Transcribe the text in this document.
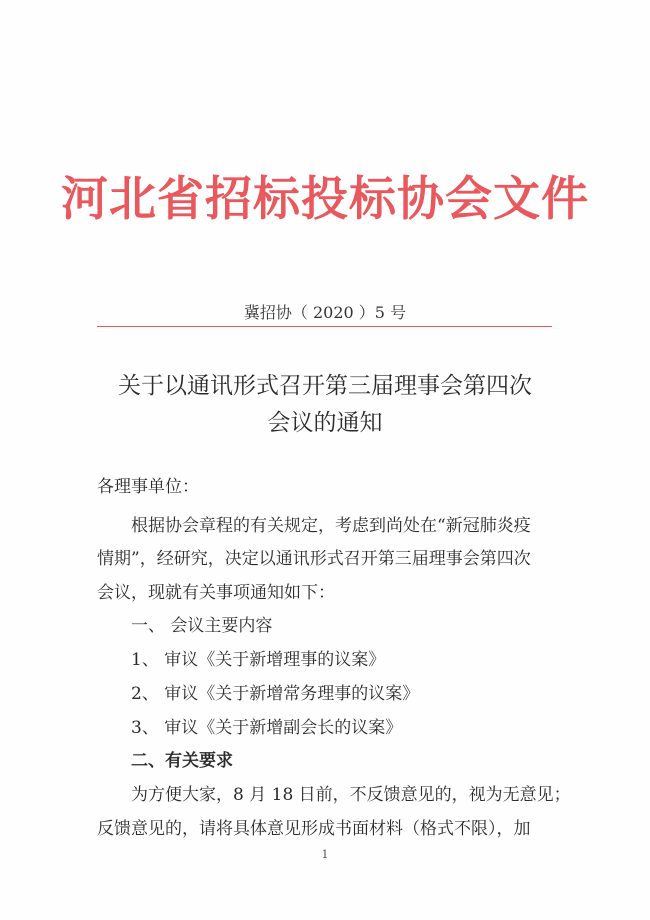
河北省招标投标协会文件
冀招协（ 2020 ）5 号
关于以通讯形式召开第三届理事会第四次
会议的通知
各理事单位：
根据协会章程的有关规定，考虑到尚处在“新冠肺炎疫
情期”，经研究，决定以通讯形式召开第三届理事会第四次
会议，现就有关事项通知如下：
一、 会议主要内容
1、 审议《关于新增理事的议案》
2、 审议《关于新增常务理事的议案》
3、 审议《关于新增副会长的议案》
二、有关要求
为方便大家，8 月 18 日前，不反馈意见的，视为无意见；
反馈意见的，请将具体意见形成书面材料（格式不限），加
1
